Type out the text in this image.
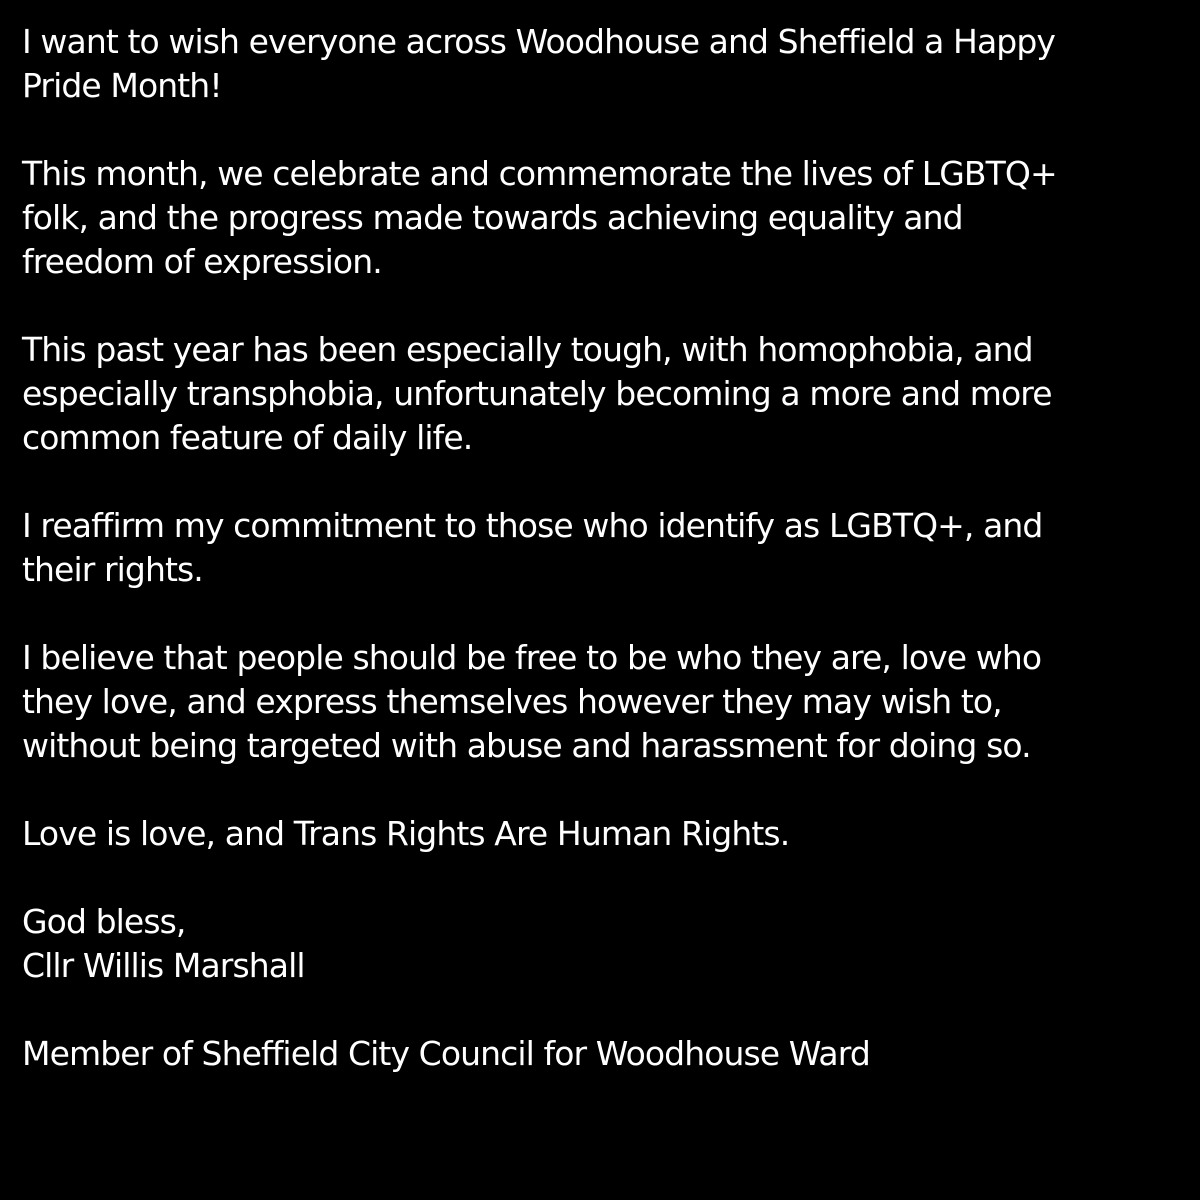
I want to wish everyone across Woodhouse and Sheffield a Happy
Pride Month!

This month, we celebrate and commemorate the lives of LGBTQ+
folk, and the progress made towards achieving equality and
freedom of expression.

This past year has been especially tough, with homophobia, and
especially transphobia, unfortunately becoming a more and more
common feature of daily life.

I reaffirm my commitment to those who identify as LGBTQ+, and
their rights.

I believe that people should be free to be who they are, love who
they love, and express themselves however they may wish to,
without being targeted with abuse and harassment for doing so.

Love is love, and Trans Rights Are Human Rights.

God bless,
Cllr Willis Marshall

Member of Sheffield City Council for Woodhouse Ward
